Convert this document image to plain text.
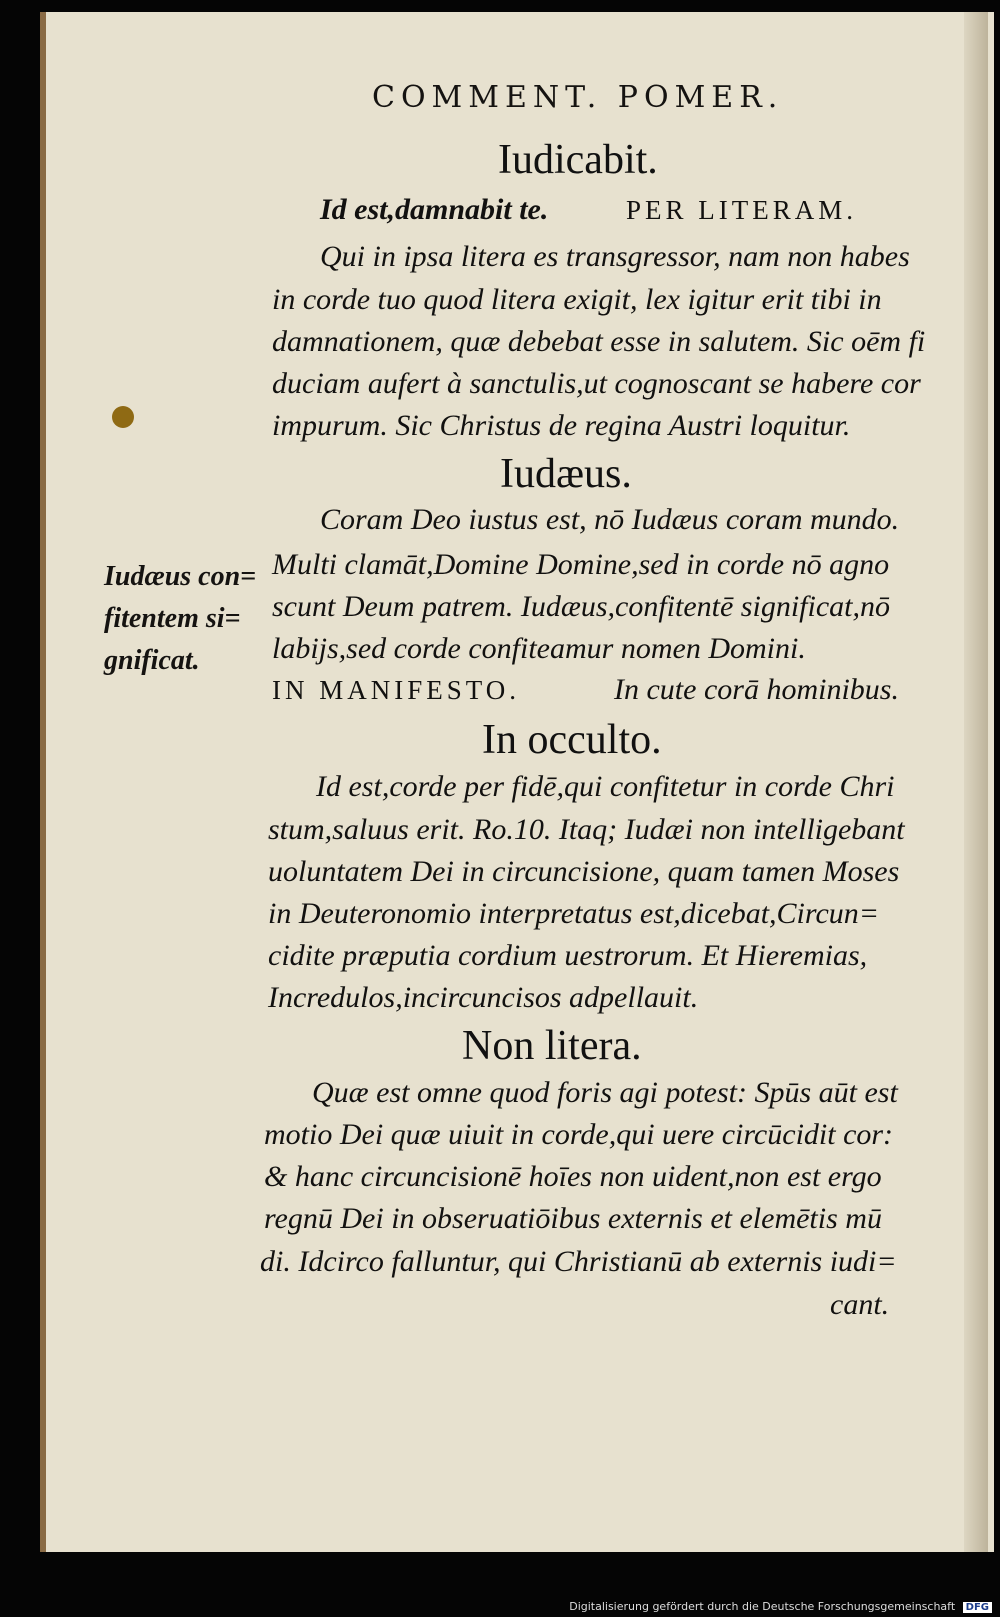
COMMENT. POMER.
Iudicabit.
Id est,damnabit te.	PER LITERAM.
Qui in ipsa litera es transgressor, nam non habes
in corde tuo quod litera exigit, lex igitur erit tibi in
damnationem, quæ debebat esse in salutem. Sic oēm fi
duciam aufert à sanctulis,ut cognoscant se habere cor
impurum. Sic Christus de regina Austri loquitur.
Iudæus.
Coram Deo iustus est, nō Iudæus coram mundo.
Multi clamāt,Domine Domine,sed in corde nō agno
scunt Deum patrem. Iudæus,confitentē significat,nō
labijs,sed corde confiteamur nomen Domini.
IN MANIFESTO.	In cute corā hominibus.
Iudæus con=
fitentem si=
gnificat.
In occulto.
Id est,corde per fidē,qui confitetur in corde Chri
stum,saluus erit. Ro.10. Itaq; Iudæi non intelligebant
uoluntatem Dei in circuncisione, quam tamen Moses
in Deuteronomio interpretatus est,dicebat,Circun=
cidite præputia cordium uestrorum. Et Hieremias,
Incredulos,incircuncisos adpellauit.
Non litera.
Quæ est omne quod foris agi potest: Spūs aūt est
motio Dei quæ uiuit in corde,qui uere circūcidit cor:
& hanc circuncisionē hoīes non uident,non est ergo
regnū Dei in obseruatiōibus externis et elemētis mū
di. Idcirco falluntur, qui Christianū ab externis iudi=
cant.
Digitalisierung gefördert durch die Deutsche Forschungsgemeinschaft DFG
